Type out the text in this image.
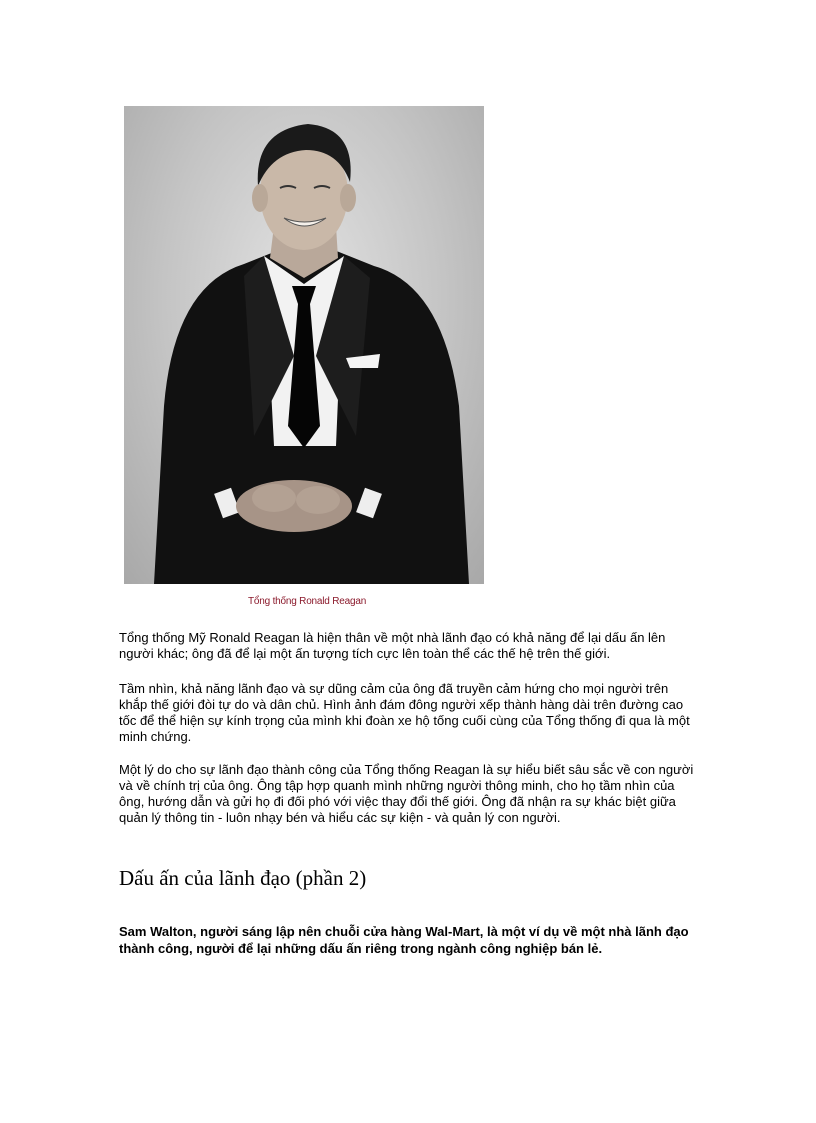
Tổng thống Ronald Reagan

Tổng thống Mỹ Ronald Reagan là hiện thân về một nhà lãnh đạo có khả năng để lại dấu ấn lên người khác; ông đã để lại một ấn tượng tích cực lên toàn thể các thế hệ trên thế giới.

Tầm nhìn, khả năng lãnh đạo và sự dũng cảm của ông đã truyền cảm hứng cho mọi người trên khắp thế giới đòi tự do và dân chủ. Hình ảnh đám đông người xếp thành hàng dài trên đường cao tốc để thể hiện sự kính trọng của mình khi đoàn xe hộ tống cuối cùng của Tổng thống đi qua là một minh chứng.

Một lý do cho sự lãnh đạo thành công của Tổng thống Reagan là sự hiểu biết sâu sắc về con người và về chính trị của ông. Ông tập hợp quanh mình những người thông minh, cho họ tầm nhìn của ông, hướng dẫn và gửi họ đi đối phó với việc thay đổi thế giới. Ông đã nhận ra sự khác biệt giữa quản lý thông tin - luôn nhạy bén và hiểu các sự kiện - và quản lý con người.

Dấu ấn của lãnh đạo (phần 2)

Sam Walton, người sáng lập nên chuỗi cửa hàng Wal-Mart, là một ví dụ về một nhà lãnh đạo thành công, người để lại những dấu ấn riêng trong ngành công nghiệp bán lẻ.
